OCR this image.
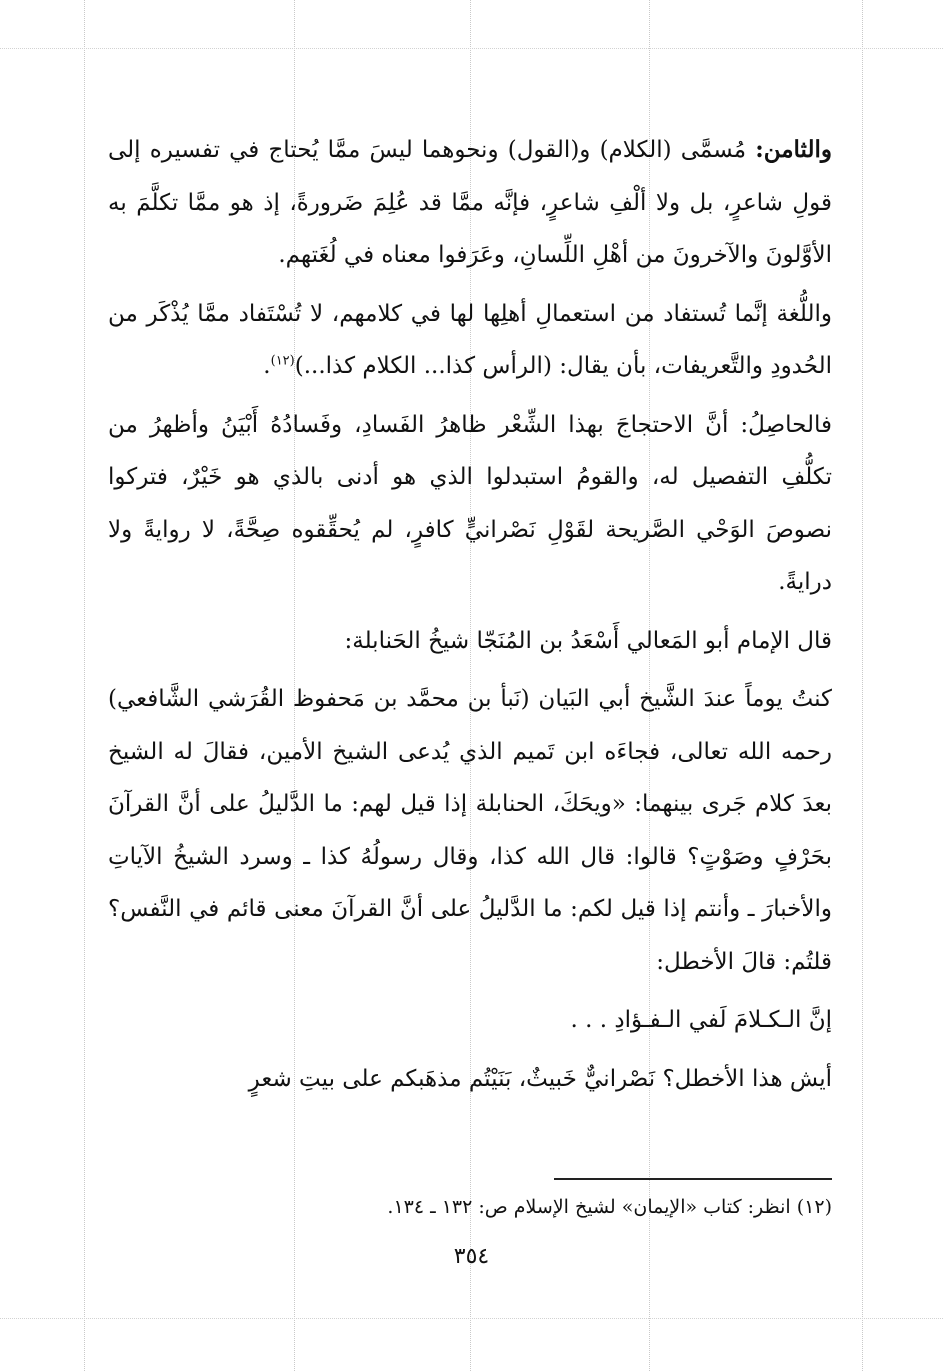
والثامن: مُسمَّى (الكلام) و(القول) ونحوهما ليسَ ممَّا يُحتاج في تفسيره إلى قولِ شاعرٍ، بل ولا ألْفِ شاعرٍ، فإنَّه ممَّا قد عُلِمَ ضَرورةً، إذ هو ممَّا تكلَّمَ به الأوَّلونَ والآخرونَ من أهْلِ اللِّسانِ، وعَرَفوا معناه في لُغَتهم.

واللُّغة إنَّما تُستفاد من استعمالِ أهلِها لها في كلامهم، لا تُسْتَفاد ممَّا يُذْكَر من الحُدودِ والتَّعريفات، بأن يقال: (الرأس كذا... الكلام كذا...)$^{(١٢)}$.

فالحاصِلُ: أنَّ الاحتجاجَ بهذا الشِّعْر ظاهرُ الفَسادِ، وفَسادُهُ أَبْيَنُ وأظهرُ من تكلُّفِ التفصيل له، والقومُ استبدلوا الذي هو أدنى بالذي هو خَيْرٌ، فتركوا نصوصَ الوَحْي الصَّريحة لقَوْلِ نَصْرانيٍّ كافرٍ، لم يُحقِّقوه صِحَّةً، لا روايةً ولا درايةً.

قال الإمام أبو المَعالي أَسْعَدُ بن المُنَجّا شيخُ الحَنابلة:

كنتُ يوماً عندَ الشَّيخ أبي البَيان (نَبأ بن محمَّد بن مَحفوظ القُرَشي الشَّافعي) رحمه الله تعالى، فجاءَه ابن تَميم الذي يُدعى الشيخ الأمين، فقالَ له الشيخ بعدَ كلام جَرى بينهما: «ويحَكَ، الحنابلة إذا قيل لهم: ما الدَّليلُ على أنَّ القرآنَ بحَرْفٍ وصَوْتٍ؟ قالوا: قال الله كذا، وقال رسولُهُ كذا ـ وسرد الشيخُ الآياتِ والأخبارَ ـ وأنتم إذا قيل لكم: ما الدَّليلُ على أنَّ القرآنَ معنى قائم في النَّفس؟ قلتُم: قالَ الأخطل:

إنَّ الـكـلامَ لَفي الـفـؤادِ . . .

أيش هذا الأخطل؟ نَصْرانيٌّ خَبيثٌ، بَنَيْتُم مذهَبكم على بيتِ شعرٍ

(١٢) انظر: كتاب «الإيمان» لشيخ الإسلام ص: ١٣٢ ـ ١٣٤.

٣٥٤
